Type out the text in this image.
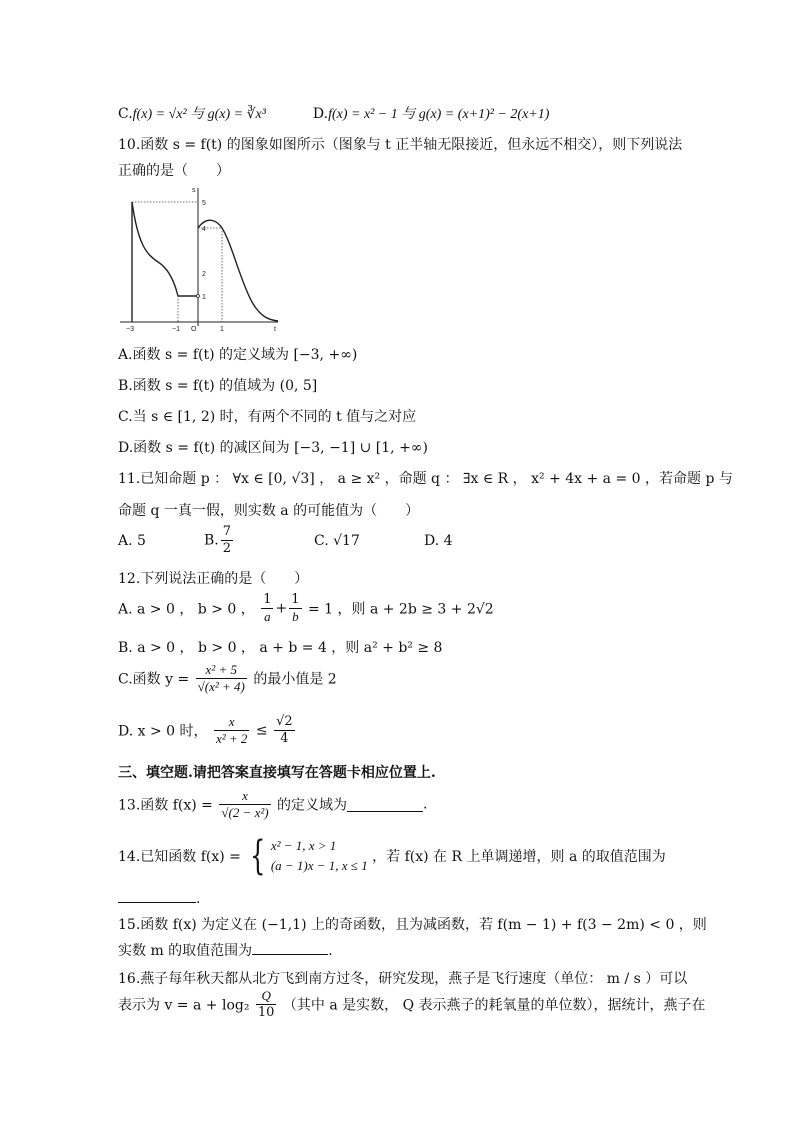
C.f(x) = √x² 与 g(x) = ∛x³	D.f(x) = x² − 1 与 g(x) = (x+1)² − 2(x+1)
10.函数 s = f(t) 的图象如图所示（图象与 t 正半轴无限接近，但永远不相交），则下列说法
正确的是（　　）
s
5
4
2
1
−3	−1 O	1	t
A.函数 s = f(t) 的定义域为 [−3, +∞)
B.函数 s = f(t) 的值域为 (0, 5]
C.当 s ∈ [1, 2) 时，有两个不同的 t 值与之对应
D.函数 s = f(t) 的减区间为 [−3, −1] ∪ [1, +∞)
11.已知命题 p ： ∀x ∈ [0, √3] ， a ≥ x² ，命题 q ： ∃x ∈ R ， x² + 4x + a = 0 ，若命题 p 与
命题 q 一真一假，则实数 a 的可能值为（　　）
A. 5	B. $\frac{7}{2}$	C. √17	D. 4
12.下列说法正确的是（　　）
A. a > 0 ， b > 0 ， $\frac{1}{a} + \frac{1}{b} = 1$ ，则 a + 2b ≥ 3 + 2√2
B. a > 0 ， b > 0 ， a + b = 4 ，则 a² + b² ≥ 8
C.函数 $y = \frac{\text{x² + 5}}{\text{√(x² + 4)}}$ 的最小值是 2
D. x > 0 时， $\frac{x}{\text{x² + 2}} \le \frac{√2}{4}$
三、填空题.请把答案直接填写在答题卡相应位置上.
13.函数 $f(x) = \frac{x}{\text{√(2 − x²)}}$ 的定义域为	.
14.已知函数 f(x) = { x² − 1, x > 1
(a − 1)x − 1, x ≤ 1
，若 f(x) 在 R 上单调递增，则 a 的取值范围为
.
15.函数 f(x) 为定义在 (−1,1) 上的奇函数，且为减函数，若 f(m − 1) + f(3 − 2m) < 0 ，则
实数 m 的取值范围为	.
16.燕子每年秋天都从北方飞到南方过冬，研究发现，燕子是飞行速度（单位： m / s ）可以
表示为 $v = a + \log_2 \frac{Q}{10}$ （其中 a 是实数， Q 表示燕子的耗氧量的单位数），据统计，燕子在
